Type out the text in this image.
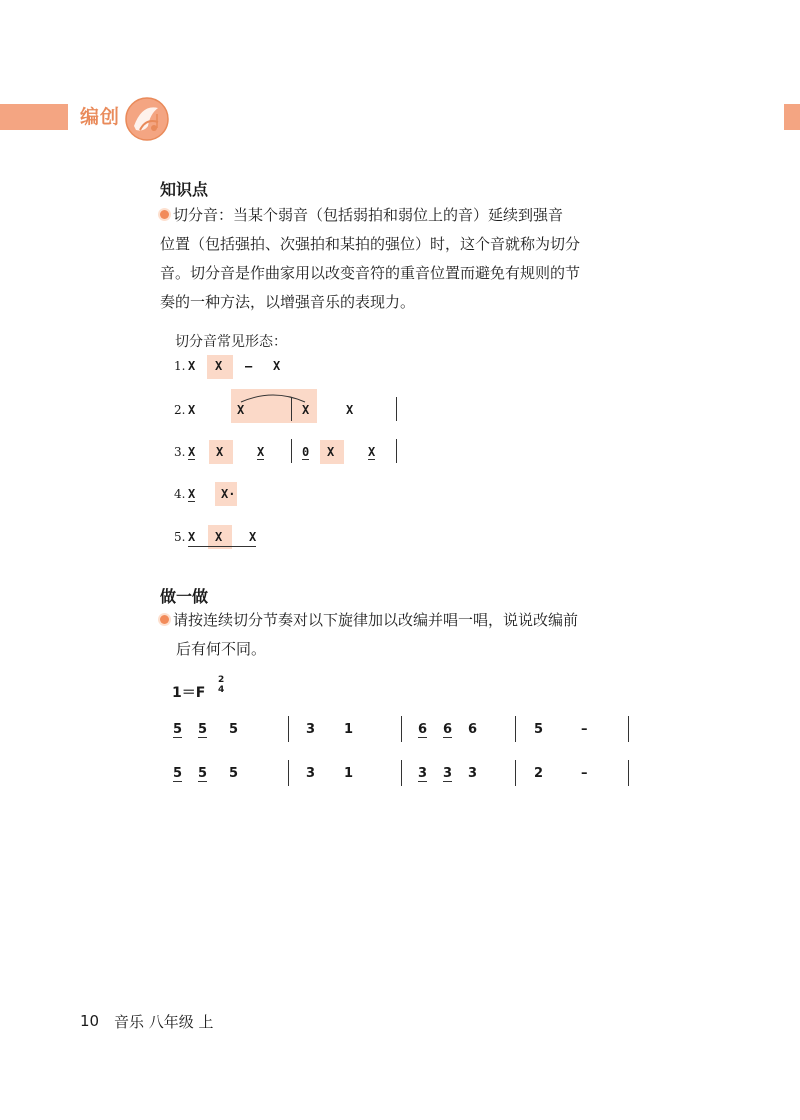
编创
知识点
切分音：当某个弱音（包括弱拍和弱位上的音）延续到强音
位置（包括强拍、次强拍和某拍的强位）时，这个音就称为切分
音。切分音是作曲家用以改变音符的重音位置而避免有规则的节
奏的一种方法，以增强音乐的表现力。
切分音常见形态：
1. X X – X
2. X	X	X	X
3. X X	X	0 X	X
4. X X·
5. X X X
做一做
请按连续切分节奏对以下旋律加以改编并唱一唱，说说改编前
后有何不同。
1＝F
2
4
5 5 5	3 1	6 6 6	5	–
5 5 5	3 1	3 3 3	2	–
10 音乐 八年级 上
